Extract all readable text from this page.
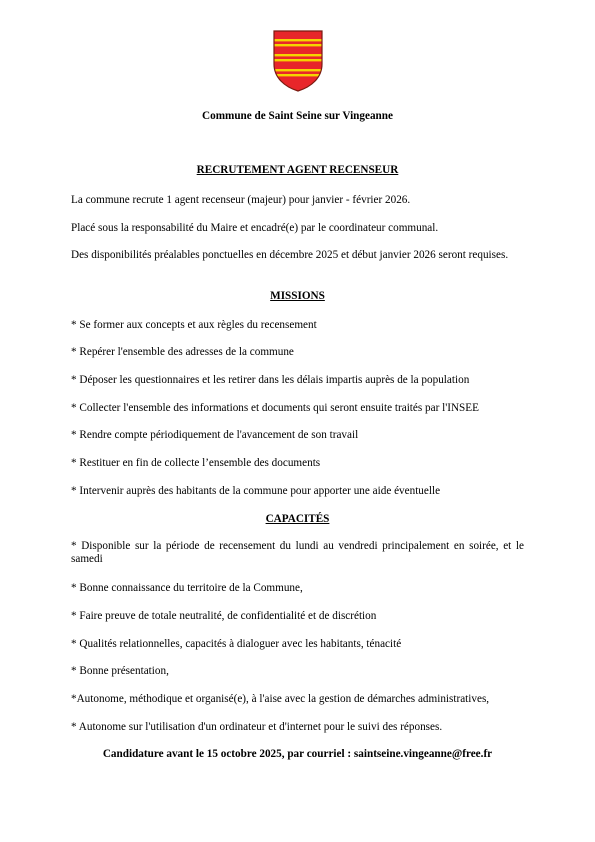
Commune de Saint Seine sur Vingeanne
RECRUTEMENT AGENT RECENSEUR
La commune recrute 1 agent recenseur (majeur) pour janvier - février 2026.
Placé sous la responsabilité du Maire et encadré(e) par le coordinateur communal.
Des disponibilités préalables ponctuelles en décembre 2025 et début janvier 2026 seront requises.
MISSIONS
* Se former aux concepts et aux règles du recensement
* Repérer l'ensemble des adresses de la commune
* Déposer les questionnaires et les retirer dans les délais impartis auprès de la population
* Collecter l'ensemble des informations et documents qui seront ensuite traités par l'INSEE
* Rendre compte périodiquement de l'avancement de son travail
* Restituer en fin de collecte l’ensemble des documents
* Intervenir auprès des habitants de la commune pour apporter une aide éventuelle
CAPACITÉS
* Disponible sur la période de recensement du lundi au vendredi principalement en soirée, et le samedi
* Bonne connaissance du territoire de la Commune,
* Faire preuve de totale neutralité, de confidentialité et de discrétion
* Qualités relationnelles, capacités à dialoguer avec les habitants, ténacité
* Bonne présentation,
*Autonome, méthodique et organisé(e), à l'aise avec la gestion de démarches administratives,
* Autonome sur l'utilisation d'un ordinateur et d'internet pour le suivi des réponses.
Candidature avant le 15 octobre 2025, par courriel : saintseine.vingeanne@free.fr
